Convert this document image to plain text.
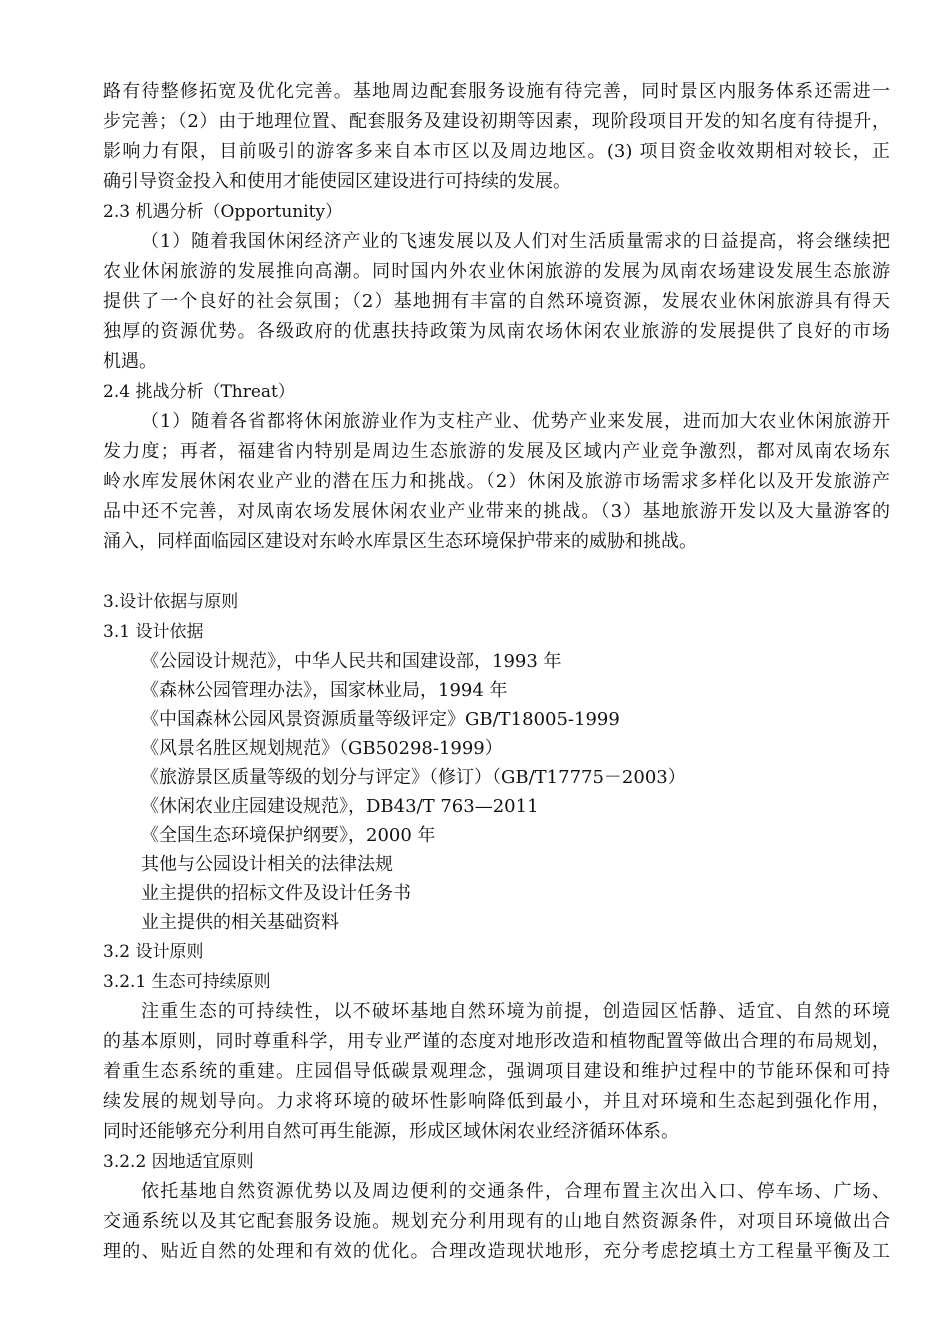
路有待整修拓宽及优化完善。基地周边配套服务设施有待完善，同时景区内服务体系还需进一
步完善；（2）由于地理位置、配套服务及建设初期等因素，现阶段项目开发的知名度有待提升，
影响力有限，目前吸引的游客多来自本市区以及周边地区。(3) 项目资金收效期相对较长，正
确引导资金投入和使用才能使园区建设进行可持续的发展。
2.3 机遇分析（Opportunity）
（1）随着我国休闲经济产业的飞速发展以及人们对生活质量需求的日益提高，将会继续把
农业休闲旅游的发展推向高潮。同时国内外农业休闲旅游的发展为凤南农场建设发展生态旅游
提供了一个良好的社会氛围；（2）基地拥有丰富的自然环境资源，发展农业休闲旅游具有得天
独厚的资源优势。各级政府的优惠扶持政策为凤南农场休闲农业旅游的发展提供了良好的市场
机遇。
2.4 挑战分析（Threat）
（1）随着各省都将休闲旅游业作为支柱产业、优势产业来发展，进而加大农业休闲旅游开
发力度；再者，福建省内特别是周边生态旅游的发展及区域内产业竞争激烈，都对凤南农场东
岭水库发展休闲农业产业的潜在压力和挑战。（2）休闲及旅游市场需求多样化以及开发旅游产
品中还不完善，对凤南农场发展休闲农业产业带来的挑战。（3）基地旅游开发以及大量游客的
涌入，同样面临园区建设对东岭水库景区生态环境保护带来的威胁和挑战。
3.设计依据与原则
3.1 设计依据
《公园设计规范》，中华人民共和国建设部，1993 年
《森林公园管理办法》，国家林业局，1994 年
《中国森林公园风景资源质量等级评定》GB/T18005-1999
《风景名胜区规划规范》（GB50298-1999）
《旅游景区质量等级的划分与评定》（修订）（GB/T17775－2003）
《休闲农业庄园建设规范》，DB43/T 763—2011
《全国生态环境保护纲要》，2000 年
其他与公园设计相关的法律法规
业主提供的招标文件及设计任务书
业主提供的相关基础资料
3.2 设计原则
3.2.1 生态可持续原则
注重生态的可持续性，以不破坏基地自然环境为前提，创造园区恬静、适宜、自然的环境
的基本原则，同时尊重科学，用专业严谨的态度对地形改造和植物配置等做出合理的布局规划，
着重生态系统的重建。庄园倡导低碳景观理念，强调项目建设和维护过程中的节能环保和可持
续发展的规划导向。力求将环境的破坏性影响降低到最小，并且对环境和生态起到强化作用，
同时还能够充分利用自然可再生能源，形成区域休闲农业经济循环体系。
3.2.2 因地适宜原则
依托基地自然资源优势以及周边便利的交通条件，合理布置主次出入口、停车场、广场、
交通系统以及其它配套服务设施。规划充分利用现有的山地自然资源条件，对项目环境做出合
理的、贴近自然的处理和有效的优化。合理改造现状地形，充分考虑挖填土方工程量平衡及工
